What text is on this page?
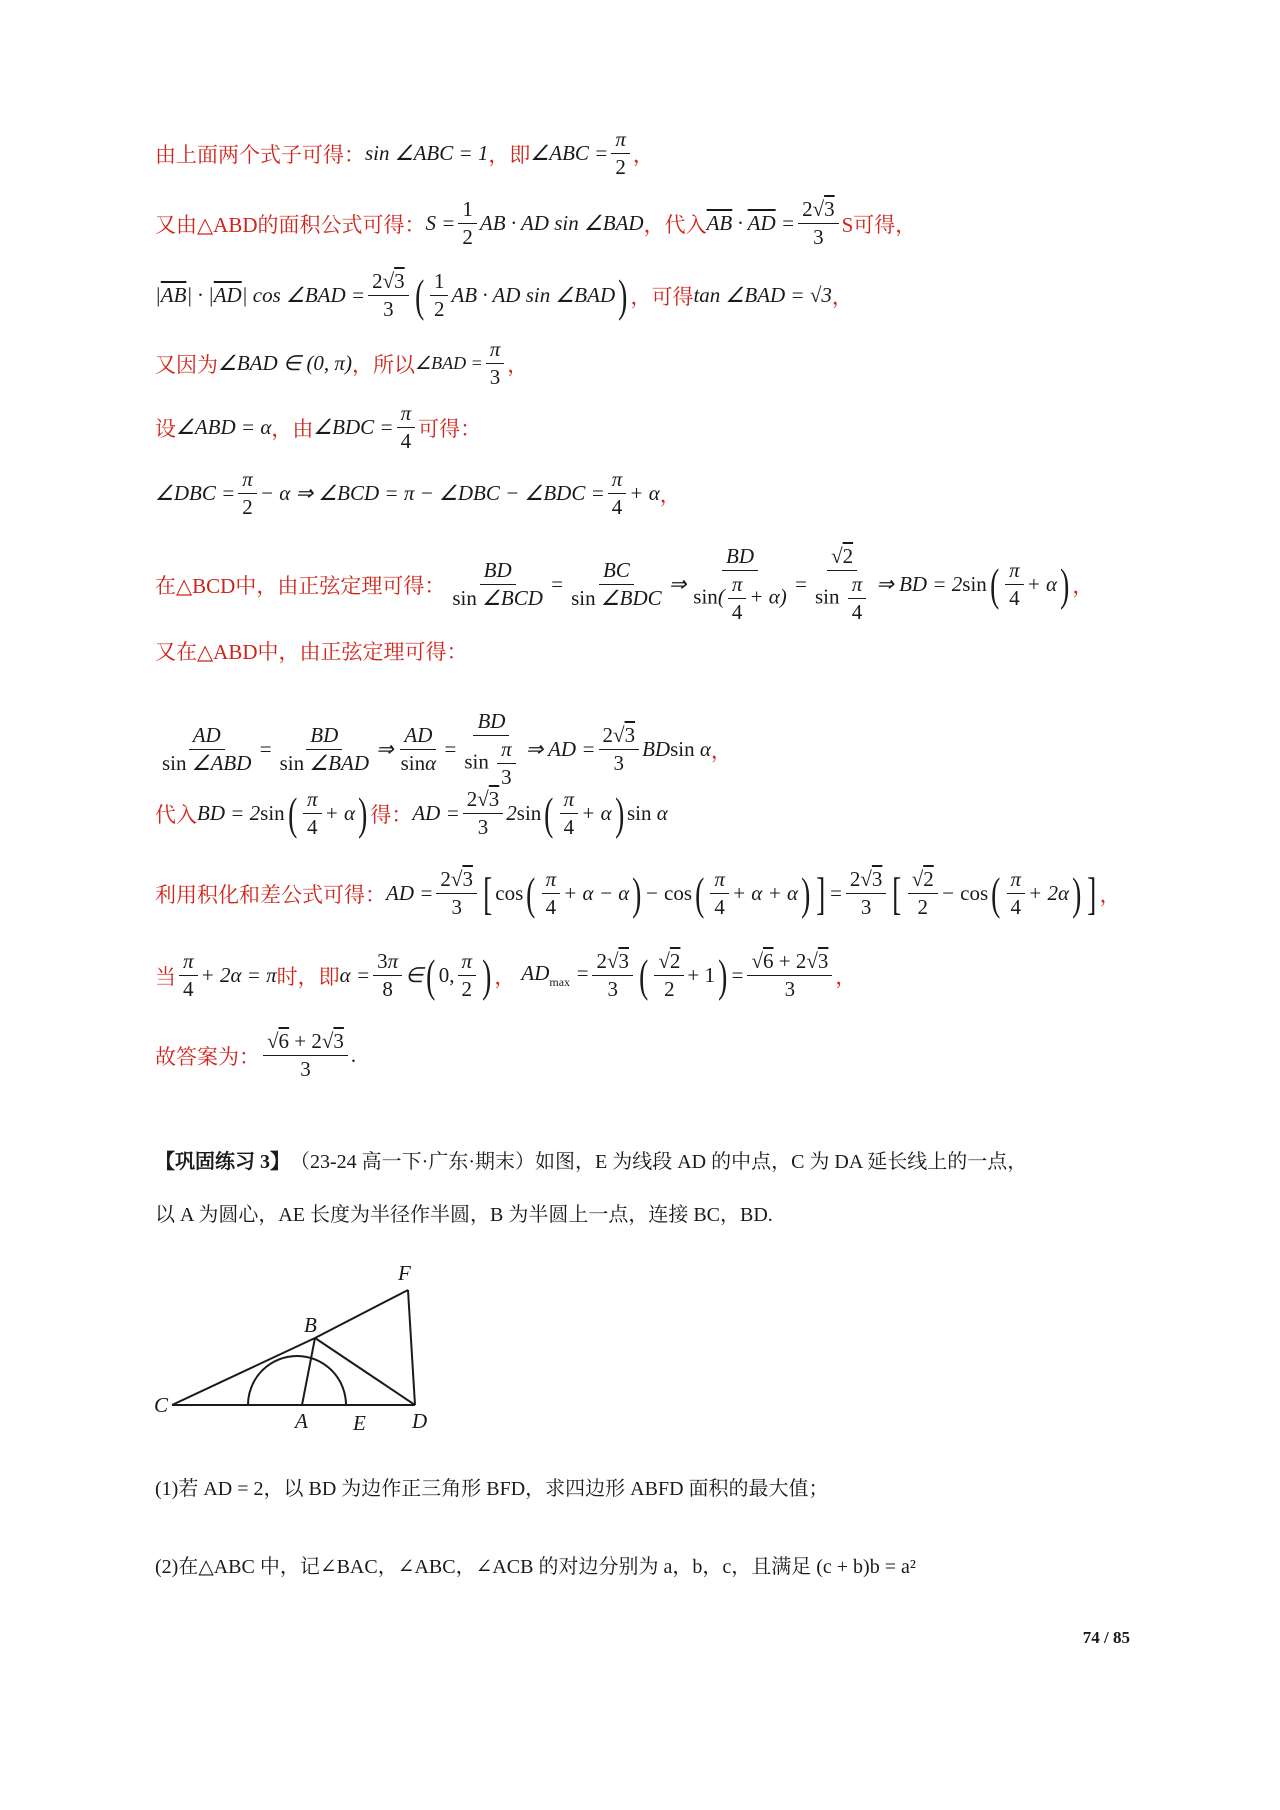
由上面两个式子可得： sin ∠ABC = 1 ，即 ∠ABC = $\frac{\pi}{2}$ ，
又由△ABD的面积公式可得： $S = \frac{1}{2}$ AB · AD sin ∠BAD ，代入 $\overline{AB} \cdot \overline{AD} = \frac{2√3}{3}$ S可得，
$|\overline{AB}| \cdot |\overline{AD}|$ cos ∠BAD = $\frac{2√3}{3}$ ( $\frac{1}{2}$ AB · AD sin ∠BAD ) ，可得 tan ∠BAD = √3 ，
又因为 ∠BAD ∈ (0, π) ，所以 ∠BAD = $\frac{\pi}{3}$ ，
设 ∠ABD = α ，由 ∠BDC = $\frac{\pi}{4}$ 可得：
∠DBC = $\frac{\pi}{2} - \alpha$ ⇒ ∠BCD = π − ∠DBC − ∠BDC = $\frac{\pi}{4} + \alpha$ ，
在△BCD中，由正弦定理可得： $\frac{BD}{\text{sin ∠BCD}} = \frac{BC}{\text{sin ∠BDC}}$ ⇒ $\frac{BD}{\sin( \frac{\pi}{4} + \alpha)} = \frac{√2}{\sin \frac{\pi}{4}}$ ⇒ BD = 2sin ( $\frac{\pi}{4} + \alpha$ ) ，
又在△ABD中，由正弦定理可得：
$\frac{AD}{\text{sin ∠ABD}} = \frac{BD}{\text{sin ∠BAD}}$ ⇒ $\frac{AD}{\sin\alpha} = \frac{BD}{\sin \frac{\pi}{3}}$ ⇒ AD = $\frac{2√3}{3}$ BDsin α ，
代入 BD = 2sin ( $\frac{\pi}{4} + \alpha$ ) 得： AD = $\frac{2√3}{3} 2\sin$ ( $\frac{\pi}{4} + \alpha$ ) sin α
利用积化和差公式可得： AD = $\frac{2√3}{3}$ [ cos ( $\frac{\pi}{4} + \alpha - \alpha$ ) − cos ( $\frac{\pi}{4} + \alpha + \alpha$ ) ] = $\frac{2√3}{3}$ [ $\frac{√2}{2} - \cos$ ( $\frac{\pi}{4} + 2\alpha$ ) ] ，
当 $\frac{\pi}{4} + 2\alpha = \pi$ 时，即 $\alpha = \frac{3\pi}{8}$ ∈ ( 0, $\frac{\pi}{2}$ ) ， $AD_{max} = \frac{2√3}{3}$ ( $\frac{√2}{2} + 1$ ) = $\frac{√6 + 2√3}{3}$ ，
故答案为： $\frac{√6 + 2√3}{3}$ .
【巩固练习 3】 （23-24 高一下·广东·期末） 如图，E 为线段 AD 的中点，C 为 DA 延长线上的一点，
以 A 为圆心，AE 长度为半径作半圆，B 为半圆上一点，连接 BC，BD.
F
B
C
A E D
(1)若 AD = 2，以 BD 为边作正三角形 BFD，求四边形 ABFD 面积的最大值；
(2)在△ABC 中，记∠BAC，∠ABC，∠ACB 的对边分别为 a，b，c，且满足 (c + b)b = a²
74 / 85
